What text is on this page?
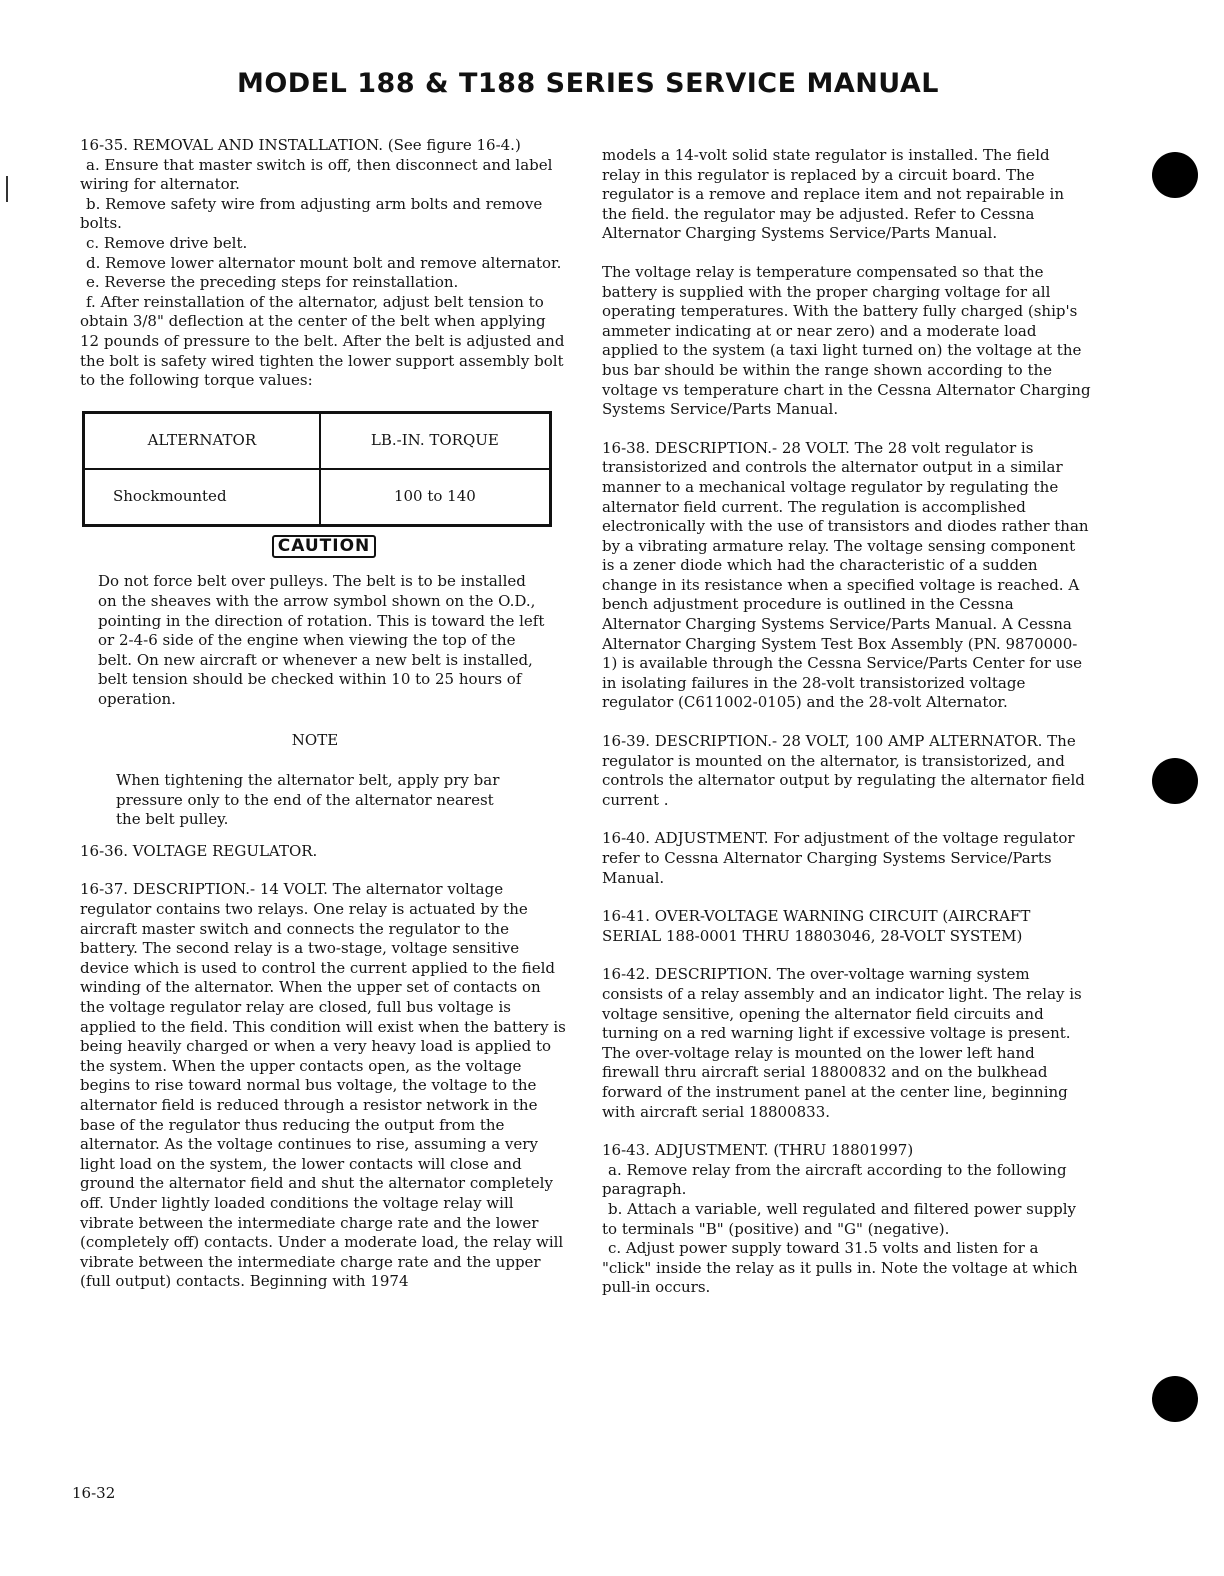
MODEL 188 & T188 SERIES SERVICE MANUAL

16-35. REMOVAL AND INSTALLATION. (See figure 16-4.)

a. Ensure that master switch is off, then disconnect and label wiring for alternator.

b. Remove safety wire from adjusting arm bolts and remove bolts.

c. Remove drive belt.

d. Remove lower alternator mount bolt and remove alternator.

e. Reverse the preceding steps for reinstallation.

f. After reinstallation of the alternator, adjust belt tension to obtain 3/8" deflection at the center of the belt when applying 12 pounds of pressure to the belt. After the belt is adjusted and the bolt is safety wired tighten the lower support assembly bolt to the following torque values:

ALTERNATOR	LB.-IN. TORQUE
Shockmounted	100 to 140
CAUTION

Do not force belt over pulleys. The belt is to be installed on the sheaves with the arrow symbol shown on the O.D., pointing in the direction of rotation. This is toward the left or 2-4-6 side of the engine when viewing the top of the belt. On new aircraft or whenever a new belt is installed, belt tension should be checked within 10 to 25 hours of operation.

NOTE

When tightening the alternator belt, apply pry bar pressure only to the end of the alternator nearest the belt pulley.

16-36. VOLTAGE REGULATOR.

16-37. DESCRIPTION.- 14 VOLT. The alternator voltage regulator contains two relays. One relay is actuated by the aircraft master switch and connects the regulator to the battery. The second relay is a two-stage, voltage sensitive device which is used to control the current applied to the field winding of the alternator. When the upper set of contacts on the voltage regulator relay are closed, full bus voltage is applied to the field. This condition will exist when the battery is being heavily charged or when a very heavy load is applied to the system. When the upper contacts open, as the voltage begins to rise toward normal bus voltage, the voltage to the alternator field is reduced through a resistor network in the base of the regulator thus reducing the output from the alternator. As the voltage continues to rise, assuming a very light load on the system, the lower contacts will close and ground the alternator field and shut the alternator completely off. Under lightly loaded conditions the voltage relay will vibrate between the intermediate charge rate and the lower (completely off) contacts. Under a moderate load, the relay will vibrate between the intermediate charge rate and the upper (full output) contacts. Beginning with 1974

models a 14-volt solid state regulator is installed. The field relay in this regulator is replaced by a circuit board. The regulator is a remove and replace item and not repairable in the field. the regulator may be adjusted. Refer to Cessna Alternator Charging Systems Service/Parts Manual.

The voltage relay is temperature compensated so that the battery is supplied with the proper charging voltage for all operating temperatures. With the battery fully charged (ship's ammeter indicating at or near zero) and a moderate load applied to the system (a taxi light turned on) the voltage at the bus bar should be within the range shown according to the voltage vs temperature chart in the Cessna Alternator Charging Systems Service/Parts Manual.

16-38. DESCRIPTION.- 28 VOLT. The 28 volt regulator is transistorized and controls the alternator output in a similar manner to a mechanical voltage regulator by regulating the alternator field current. The regulation is accomplished electronically with the use of transistors and diodes rather than by a vibrating armature relay. The voltage sensing component is a zener diode which had the characteristic of a sudden change in its resistance when a specified voltage is reached. A bench adjustment procedure is outlined in the Cessna Alternator Charging Systems Service/Parts Manual. A Cessna Alternator Charging System Test Box Assembly (PN. 9870000-1) is available through the Cessna Service/Parts Center for use in isolating failures in the 28-volt transistorized voltage regulator (C611002-0105) and the 28-volt Alternator.

16-39. DESCRIPTION.- 28 VOLT, 100 AMP ALTERNATOR. The regulator is mounted on the alternator, is transistorized, and controls the alternator output by regulating the alternator field current .

16-40. ADJUSTMENT. For adjustment of the voltage regulator refer to Cessna Alternator Charging Systems Service/Parts Manual.

16-41. OVER-VOLTAGE WARNING CIRCUIT (AIRCRAFT SERIAL 188-0001 THRU 18803046, 28-VOLT SYSTEM)

16-42. DESCRIPTION. The over-voltage warning system consists of a relay assembly and an indicator light. The relay is voltage sensitive, opening the alternator field circuits and turning on a red warning light if excessive voltage is present. The over-voltage relay is mounted on the lower left hand firewall thru aircraft serial 18800832 and on the bulkhead forward of the instrument panel at the center line, beginning with aircraft serial 18800833.

16-43. ADJUSTMENT. (THRU 18801997)

a. Remove relay from the aircraft according to the following paragraph.

b. Attach a variable, well regulated and filtered power supply to terminals "B" (positive) and "G" (negative).

c. Adjust power supply toward 31.5 volts and listen for a "click" inside the relay as it pulls in. Note the voltage at which pull-in occurs.

16-32
